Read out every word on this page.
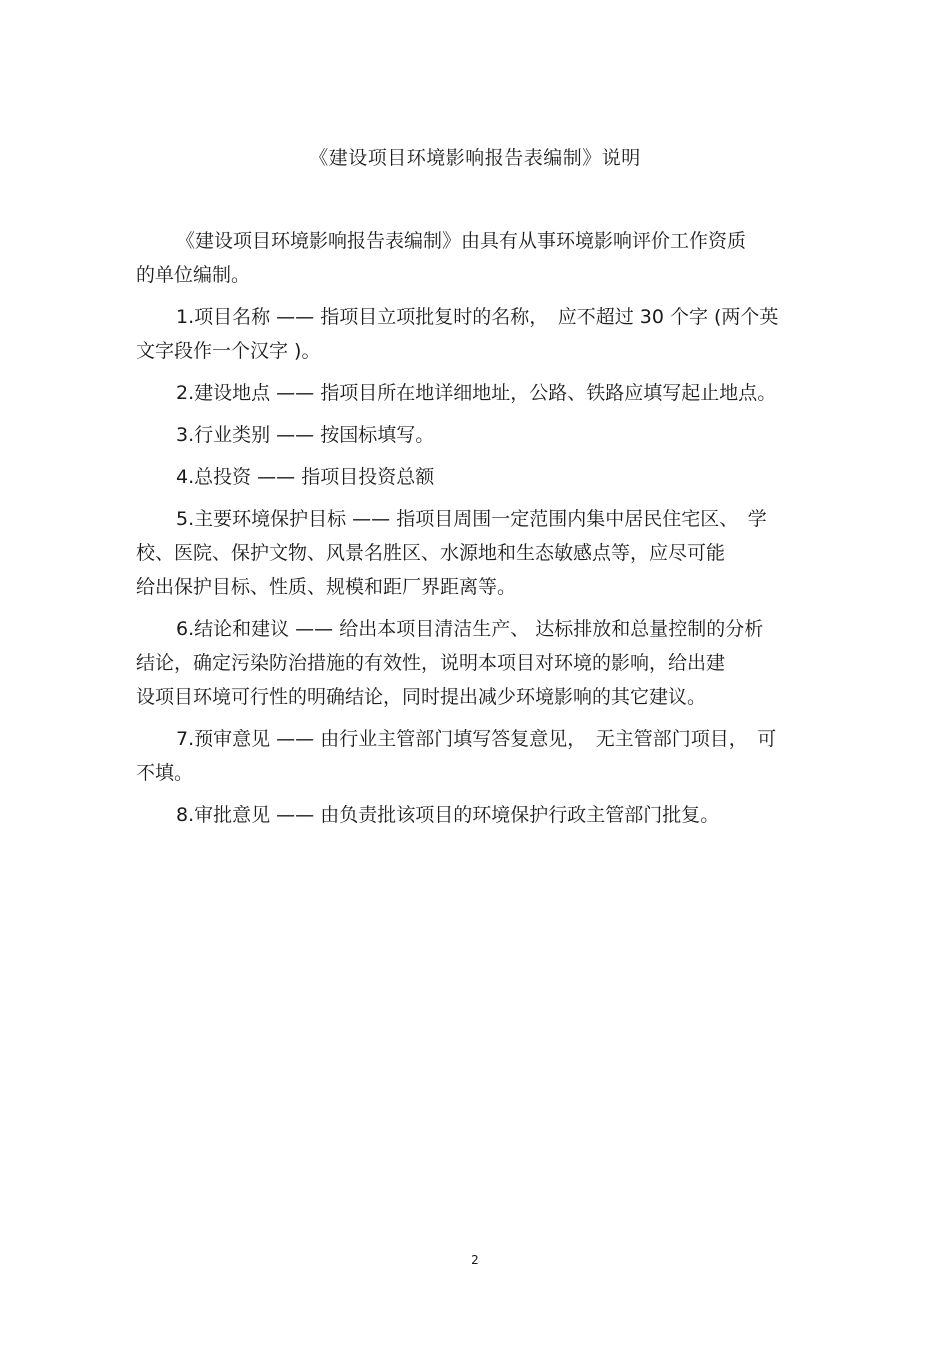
《建设项目环境影响报告表编制》说明

《建设项目环境影响报告表编制》由具有从事环境影响评价工作资质
的单位编制。

1.项目名称 —— 指项目立项批复时的名称，　应不超过 30 个字 (两个英
文字段作一个汉字 )。

2.建设地点 —— 指项目所在地详细地址，公路、铁路应填写起止地点。

3.行业类别 —— 按国标填写。

4.总投资 —— 指项目投资总额

5.主要环境保护目标 —— 指项目周围一定范围内集中居民住宅区、　学
校、医院、保护文物、风景名胜区、水源地和生态敏感点等，应尽可能
给出保护目标、性质、规模和距厂界距离等。

6.结论和建议 —— 给出本项目清洁生产、 达标排放和总量控制的分析
结论，确定污染防治措施的有效性，说明本项目对环境的影响，给出建
设项目环境可行性的明确结论，同时提出减少环境影响的其它建议。

7.预审意见 —— 由行业主管部门填写答复意见，　无主管部门项目，　可
不填。

8.审批意见 —— 由负责批该项目的环境保护行政主管部门批复。

2
